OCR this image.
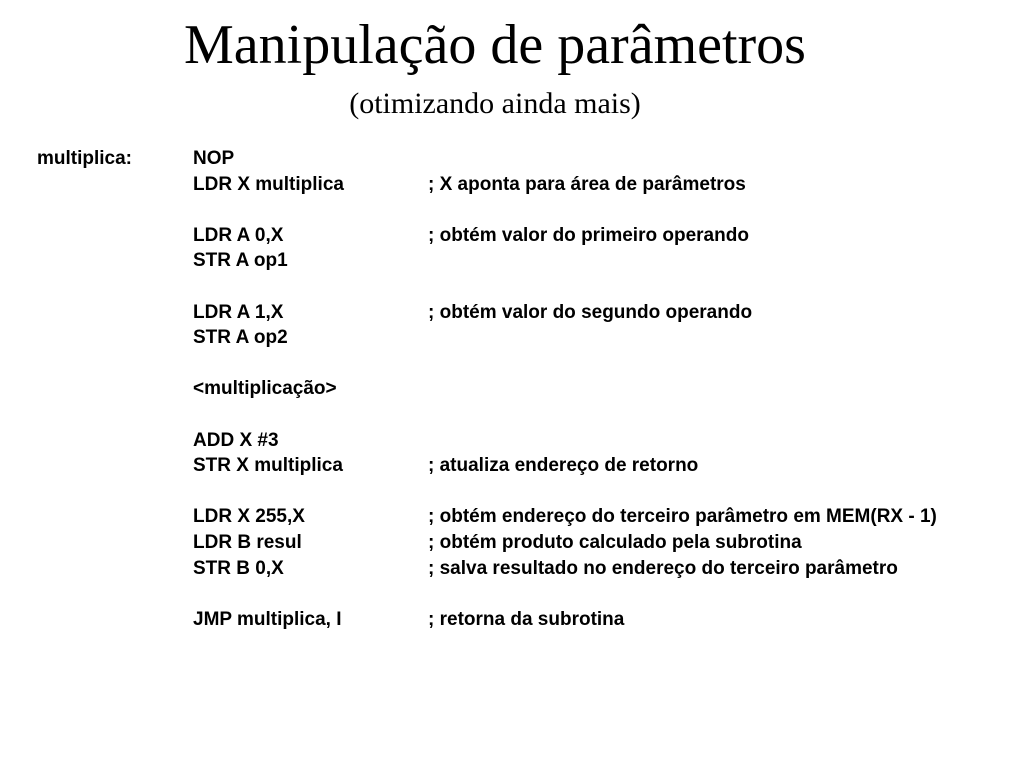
Manipulação de parâmetros
(otimizando ainda mais)
multiplica:	NOP
LDR X multiplica	; X aponta para área de parâmetros
LDR A 0,X	; obtém valor do primeiro operando
STR A op1
LDR A 1,X	; obtém valor do segundo operando
STR A op2
<multiplicação>
ADD X #3
STR X multiplica	; atualiza endereço de retorno
LDR X 255,X	; obtém endereço do terceiro parâmetro em MEM(RX - 1)
LDR B resul	; obtém produto calculado pela subrotina
STR B 0,X	; salva resultado no endereço do terceiro parâmetro
JMP multiplica, I	; retorna da subrotina
